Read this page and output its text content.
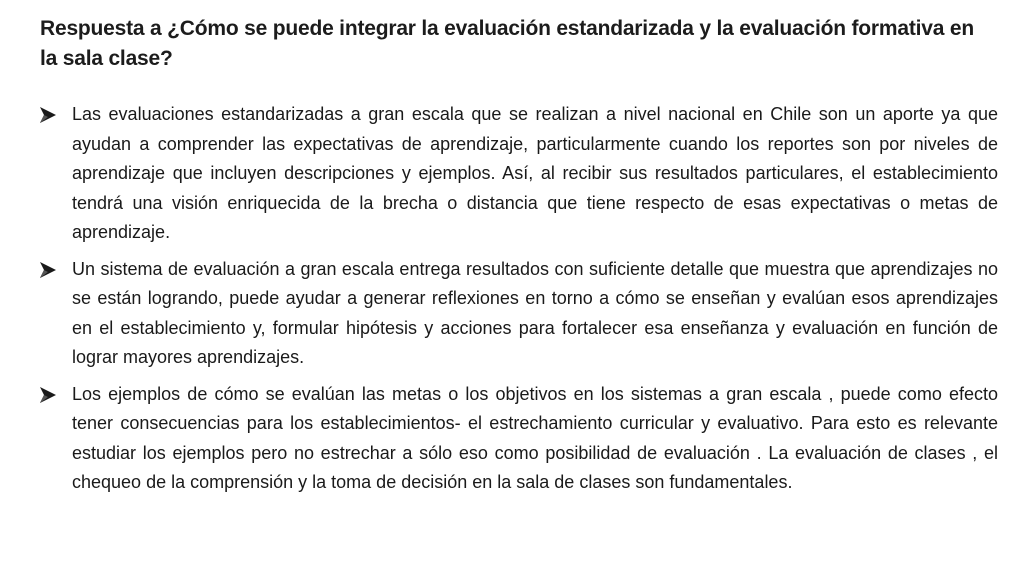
Respuesta a ¿Cómo se puede integrar la evaluación estandarizada y la evaluación formativa en la sala clase?
Las evaluaciones estandarizadas a gran escala que se realizan a nivel nacional en Chile son un aporte ya que ayudan a comprender las expectativas de aprendizaje, particularmente cuando los reportes son por niveles de aprendizaje que incluyen descripciones y ejemplos. Así, al recibir sus resultados particulares, el establecimiento tendrá una visión enriquecida de la brecha o distancia que tiene respecto de esas expectativas o metas de aprendizaje.
Un sistema de evaluación a gran escala entrega resultados con suficiente detalle que muestra que aprendizajes no se están logrando, puede ayudar a generar reflexiones en torno a cómo se enseñan y evalúan esos aprendizajes en el establecimiento y, formular hipótesis y acciones para fortalecer esa enseñanza y evaluación en función de lograr mayores aprendizajes.
Los ejemplos de cómo se evalúan las metas o los objetivos en los sistemas a gran escala , puede como efecto tener consecuencias para los establecimientos- el estrechamiento curricular y evaluativo. Para esto es relevante estudiar los ejemplos pero no estrechar a sólo eso como posibilidad de evaluación . La evaluación de clases , el chequeo de la comprensión y la toma de decisión en la sala de clases son fundamentales.
